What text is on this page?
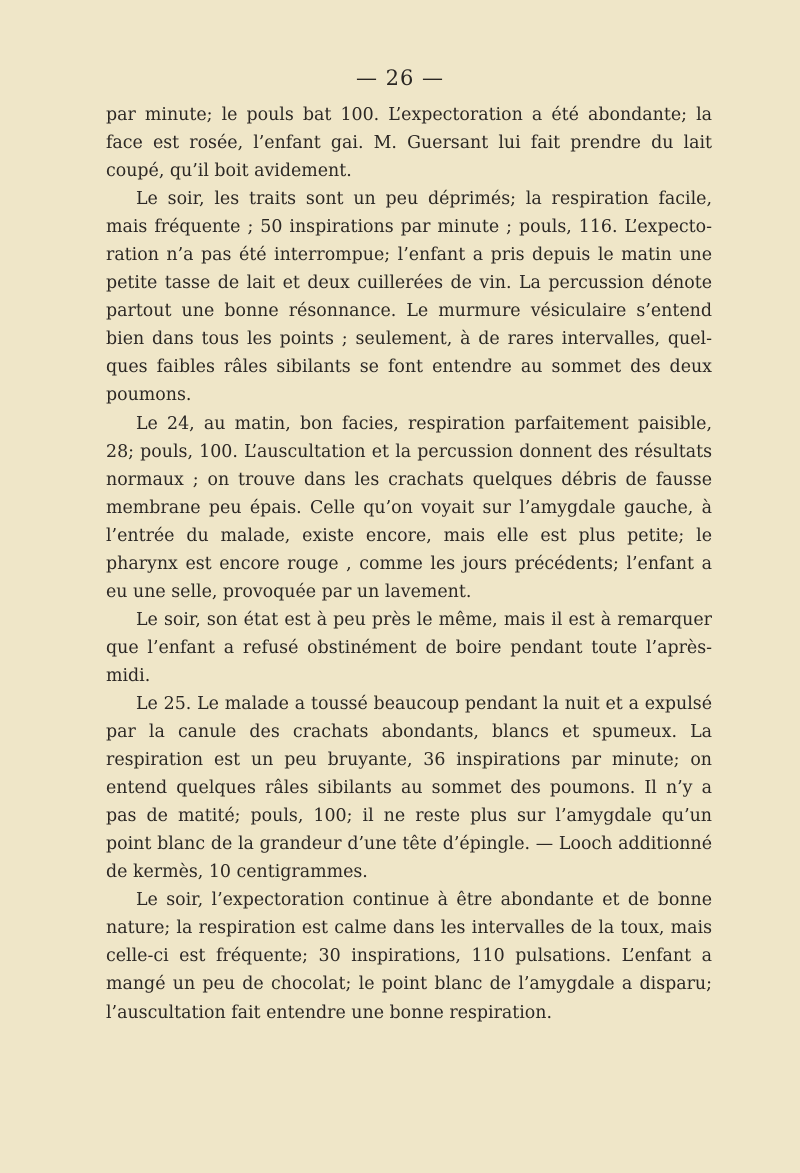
— 26 —

par minute; le pouls bat 100. L’expectoration a été abondante; la face est rosée, l’enfant gai. M. Guersant lui fait prendre du lait coupé, qu’il boit avidement.

Le soir, les traits sont un peu déprimés; la respiration facile, mais fréquente ; 50 inspirations par minute ; pouls, 116. L’expectoration n’a pas été interrompue; l’enfant a pris depuis le matin une petite tasse de lait et deux cuillerées de vin. La percussion dénote partout une bonne résonnance. Le murmure vésiculaire s’entend bien dans tous les points ; seulement, à de rares intervalles, quelques faibles râles sibilants se font entendre au sommet des deux poumons.

Le 24, au matin, bon facies, respiration parfaitement paisible, 28; pouls, 100. L’auscultation et la percussion donnent des résultats normaux ; on trouve dans les crachats quelques débris de fausse membrane peu épais. Celle qu’on voyait sur l’amygdale gauche, à l’entrée du malade, existe encore, mais elle est plus petite; le pharynx est encore rouge , comme les jours précédents; l’enfant a eu une selle, provoquée par un lavement.

Le soir, son état est à peu près le même, mais il est à remarquer que l’enfant a refusé obstinément de boire pendant toute l’après-midi.

Le 25. Le malade a toussé beaucoup pendant la nuit et a expulsé par la canule des crachats abondants, blancs et spumeux. La respiration est un peu bruyante, 36 inspirations par minute; on entend quelques râles sibilants au sommet des poumons. Il n’y a pas de matité; pouls, 100; il ne reste plus sur l’amygdale qu’un point blanc de la grandeur d’une tête d’épingle. — Looch additionné de kermès, 10 centigrammes.

Le soir, l’expectoration continue à être abondante et de bonne nature; la respiration est calme dans les intervalles de la toux, mais celle-ci est fréquente; 30 inspirations, 110 pulsations. L’enfant a mangé un peu de chocolat; le point blanc de l’amygdale a disparu; l’auscultation fait entendre une bonne respiration.
